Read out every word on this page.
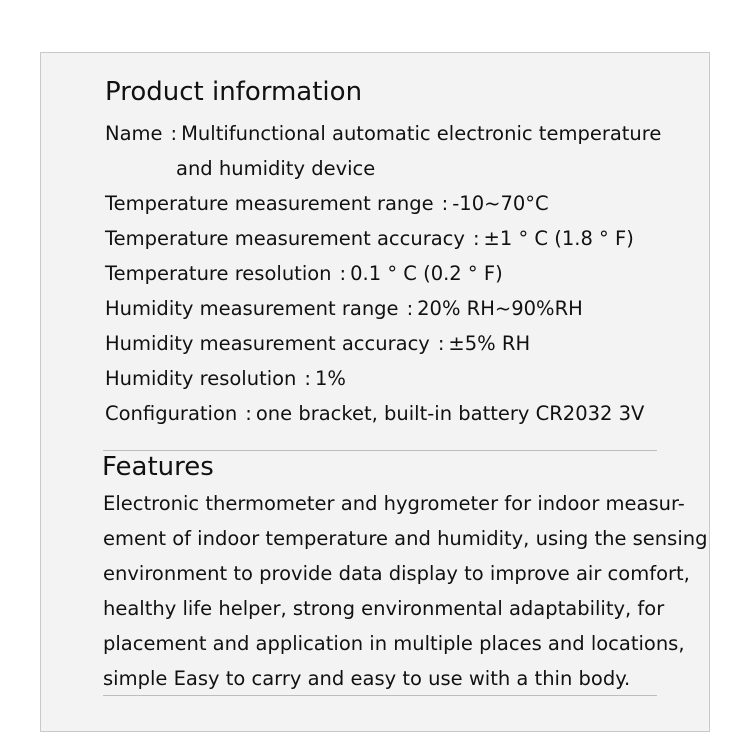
Product information
Name : Multifunctional automatic electronic temperature
and humidity device
Temperature measurement range : -10~70°C
Temperature measurement accuracy : ±1 ° C (1.8 ° F)
Temperature resolution : 0.1 ° C (0.2 ° F)
Humidity measurement range : 20% RH~90%RH
Humidity measurement accuracy : ±5% RH
Humidity resolution : 1%
Configuration : one bracket, built-in battery CR2032 3V
Features

Electronic thermometer and hygrometer for indoor measur-
ement of indoor temperature and humidity, using the sensing
environment to provide data display to improve air comfort,
healthy life helper, strong environmental adaptability, for
placement and application in multiple places and locations,
simple Easy to carry and easy to use with a thin body.
